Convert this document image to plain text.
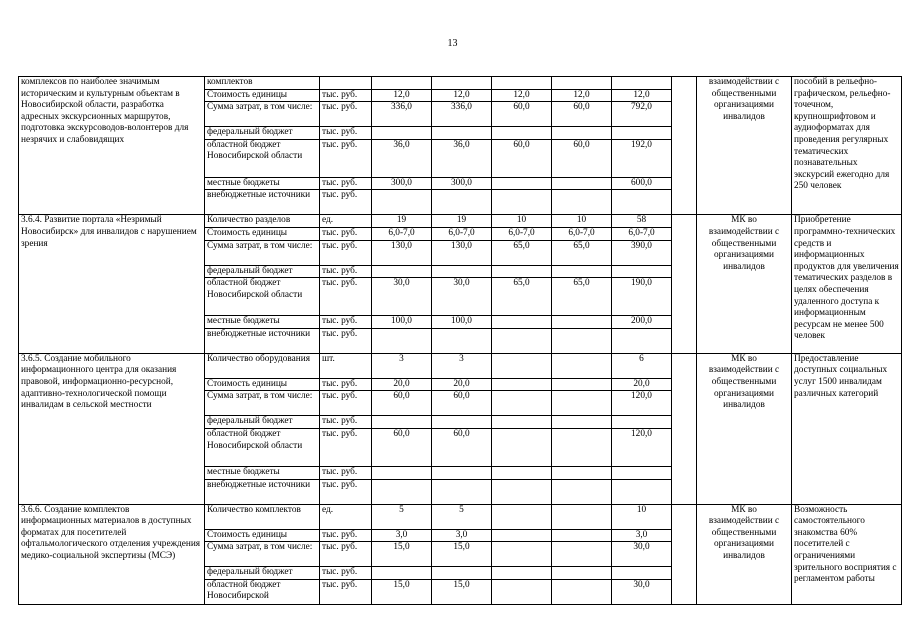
13
комплексов по наиболее значимым историческим и культурным объектам в Новосибирской области, разработка адресных экскурсионных маршрутов, подготовка экскурсоводов-волонтеров для незрячих и слабовидящих	комплектов								взаимодействии с общественными организациями инвалидов	пособий в рельефно-графическом, рельефно-точечном, крупношрифтовом и аудиоформатах для проведения регулярных тематических познавательных экскурсий ежегодно для 250 человек
	Стоимость единицы	тыс. руб.	12,0	12,0	12,0	12,0	12,0			
	Сумма затрат, в том числе:	тыс. руб.	336,0	336,0	60,0	60,0	792,0			
	федеральный бюджет	тыс. руб.								
	областной бюджет Новосибирской области	тыс. руб.	36,0	36,0	60,0	60,0	192,0			
	местные бюджеты	тыс. руб.	300,0	300,0			600,0			
	внебюджетные источники	тыс. руб.								
3.6.4. Развитие портала «Незримый Новосибирск» для инвалидов с нарушением зрения	Количество разделов	ед.	19	19	10	10	58		МК во взаимодействии с общественными организациями инвалидов	Приобретение программно-технических средств и информационных продуктов для увеличения тематических разделов в целях обеспечения удаленного доступа к информационным ресурсам не менее 500 человек
	Стоимость единицы	тыс. руб.	6,0-7,0	6,0-7,0	6,0-7,0	6,0-7,0	6,0-7,0			
	Сумма затрат, в том числе:	тыс. руб.	130,0	130,0	65,0	65,0	390,0			
	федеральный бюджет	тыс. руб.								
	областной бюджет Новосибирской области	тыс. руб.	30,0	30,0	65,0	65,0	190,0			
	местные бюджеты	тыс. руб.	100,0	100,0			200,0			
	внебюджетные источники	тыс. руб.								
3.6.5. Создание мобильного информационного центра для оказания правовой, информационно-ресурсной, адаптивно-технологической помощи инвалидам в сельской местности	Количество оборудования	шт.	3	3			6		МК во взаимодействии с общественными организациями инвалидов	Предоставление доступных социальных услуг 1500 инвалидам различных категорий
	Стоимость единицы	тыс. руб.	20,0	20,0			20,0			
	Сумма затрат, в том числе:	тыс. руб.	60,0	60,0			120,0			
	федеральный бюджет	тыс. руб.								
	областной бюджет Новосибирской области	тыс. руб.	60,0	60,0			120,0			
	местные бюджеты	тыс. руб.								
	внебюджетные источники	тыс. руб.								
3.6.6. Создание комплектов информационных материалов в доступных форматах для посетителей офтальмологического отделения учреждения медико-социальной экспертизы (МСЭ)	Количество комплектов	ед.	5	5			10		МК во взаимодействии с общественными организациями инвалидов	Возможность самостоятельного знакомства 60% посетителей с ограничениями зрительного восприятия с регламентом работы
	Стоимость единицы	тыс. руб.	3,0	3,0			3,0			
	Сумма затрат, в том числе:	тыс. руб.	15,0	15,0			30,0			
	федеральный бюджет	тыс. руб.								
	областной бюджет Новосибирской	тыс. руб.	15,0	15,0			30,0			
